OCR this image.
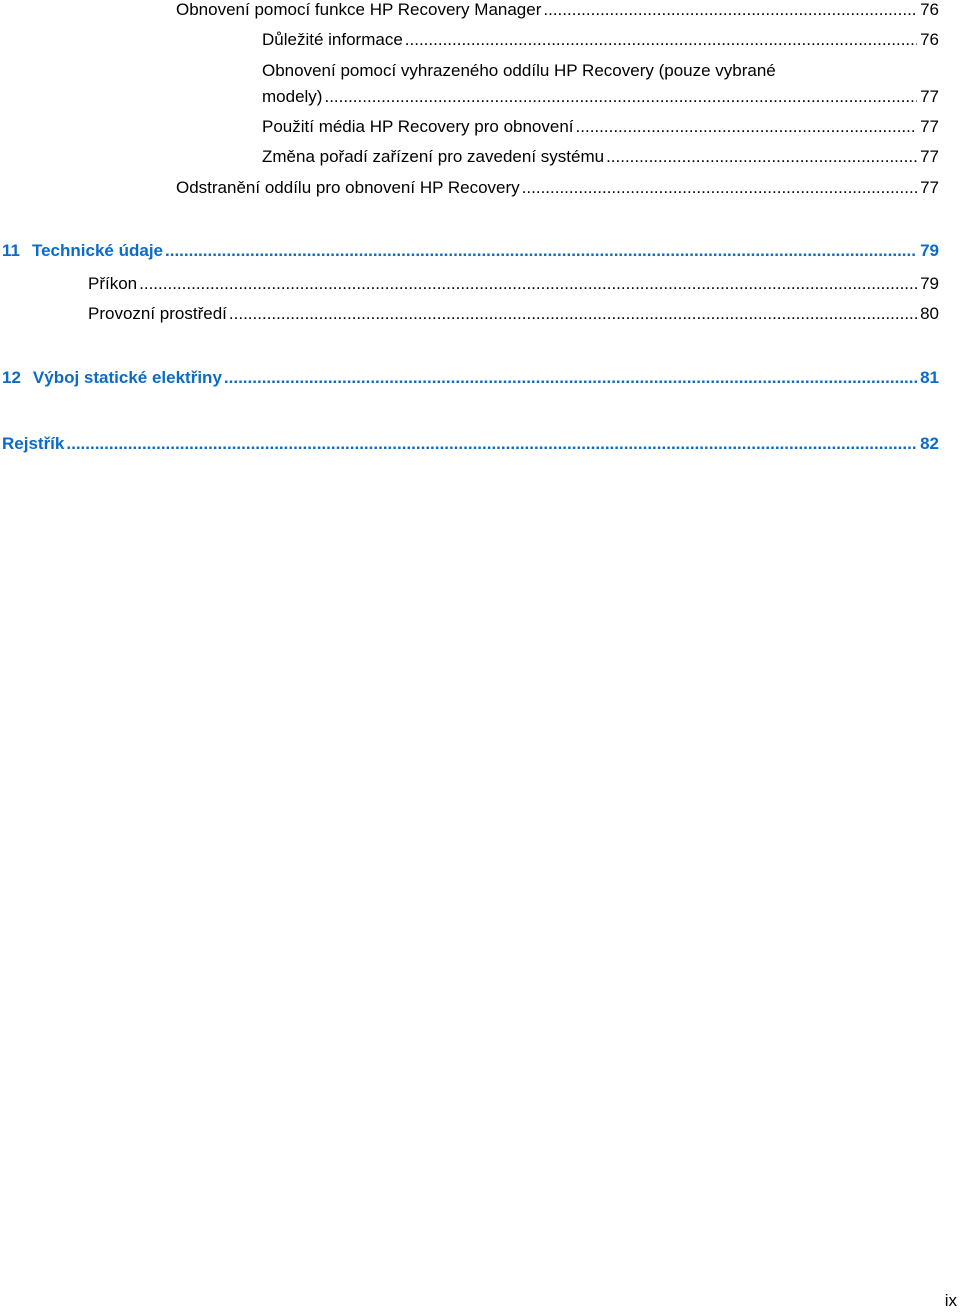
Obnovení pomocí funkce HP Recovery Manager .....	76
Důležité informace .....	76
Obnovení pomocí vyhrazeného oddílu HP Recovery (pouze vybrané
modely) .....	77
Použití média HP Recovery pro obnovení .....	77
Změna pořadí zařízení pro zavedení systému .....	77
Odstranění oddílu pro obnovení HP Recovery .....	77
11 Technické údaje .....	79
Příkon .....	79
Provozní prostředí .....	80
12 Výboj statické elektřiny .....	81
Rejstřík .....	82
ix
